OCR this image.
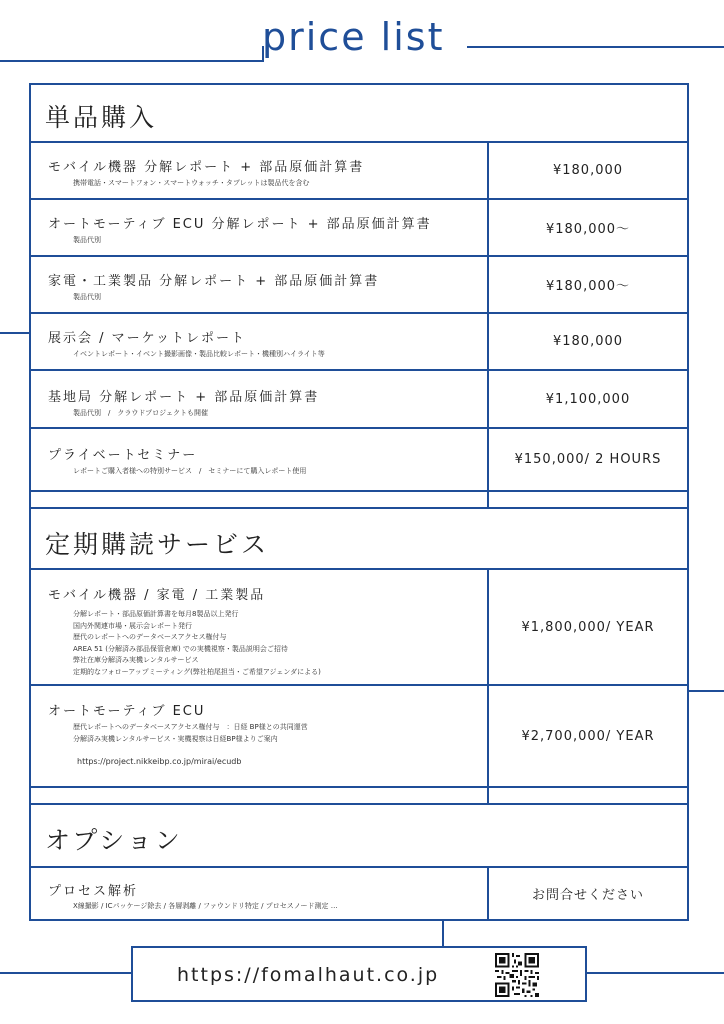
price list
単品購入
モバイル機器 分解レポート + 部品原価計算書
携帯電話・スマートフォン・スマートウォッチ・タブレットは製品代を含む
¥180,000
オートモーティブ ECU 分解レポート + 部品原価計算書
製品代別
¥180,000〜
家電・工業製品 分解レポート + 部品原価計算書
製品代別
¥180,000〜
展示会 / マーケットレポート
イベントレポート・イベント撮影画像・製品比較レポート・機種別ハイライト等
¥180,000
基地局 分解レポート + 部品原価計算書
製品代別　/　クラウドプロジェクトも開催
¥1,100,000
プライベートセミナー
レポートご購入者様への特別サービス　/　セミナーにて購入レポート使用
¥150,000/ 2 HOURS
定期購読サービス
モバイル機器 / 家電 / 工業製品
分解レポート・部品原価計算書を毎月8製品以上発行
国内外関連市場・展示会レポート発行
歴代のレポートへのデータベースアクセス権付与
AREA 51 (分解済み部品保管倉庫) での実機視察・製品説明会ご招待
弊社在庫分解済み実機レンタルサービス
定期的なフォローアップミーティング(弊社柏尾担当・ご希望アジェンダによる)
¥1,800,000/ YEAR
オートモーティブ ECU
歴代レポートへのデータベースアクセス権付与　：日経 BP様との共同運営
分解済み実機レンタルサービス・実機視察は日経BP様よりご案内
https://project.nikkeibp.co.jp/mirai/ecudb
¥2,700,000/ YEAR
オプション
プロセス解析
X線撮影 / ICパッケージ除去 / 各層剥離 / ファウンドリ特定 / プロセスノード測定 …
お問合せください
https://fomalhaut.co.jp
